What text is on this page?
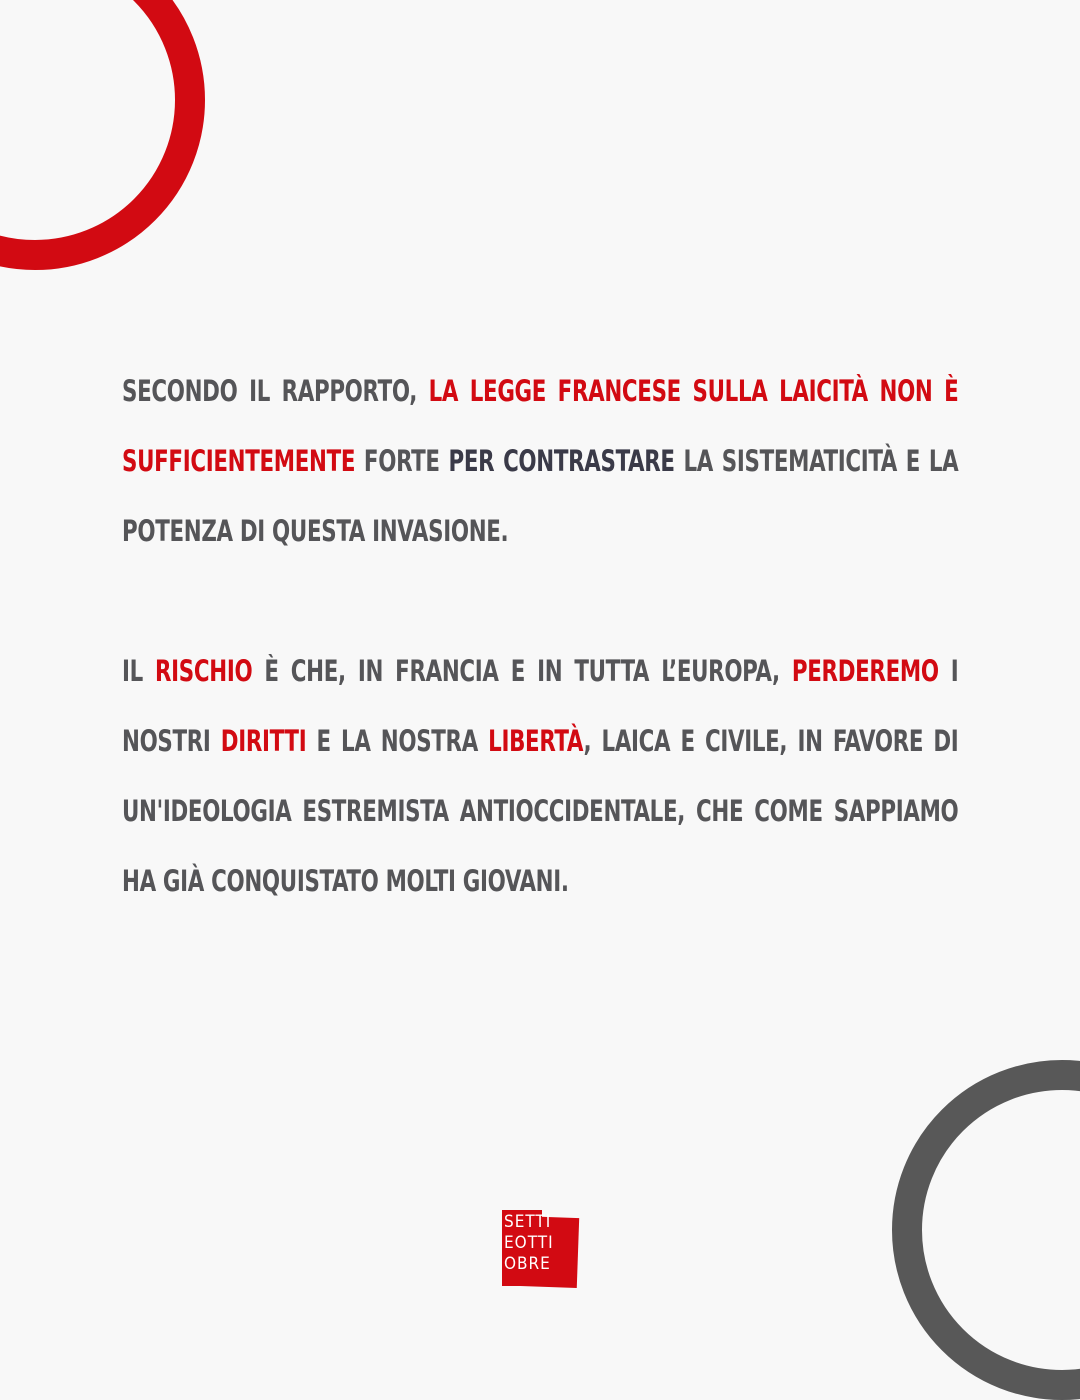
SECONDO IL RAPPORTO, LA LEGGE FRANCESE SULLA LAICITÀ NON È SUFFICIENTEMENTE FORTE PER CONTRASTARE LA SISTEMATICITÀ E LA POTENZA DI QUESTA INVASIONE.

IL RISCHIO È CHE, IN FRANCIA E IN TUTTA L’EUROPA, PERDEREMO I NOSTRI DIRITTI E LA NOSTRA LIBERTÀ, LAICA E CIVILE, IN FAVORE DI UN'IDEOLOGIA ESTREMISTA ANTIOCCIDENTALE, CHE COME SAPPIAMO HA GIÀ CONQUISTATO MOLTI GIOVANI.

SETTI
EOTTI
OBRE
